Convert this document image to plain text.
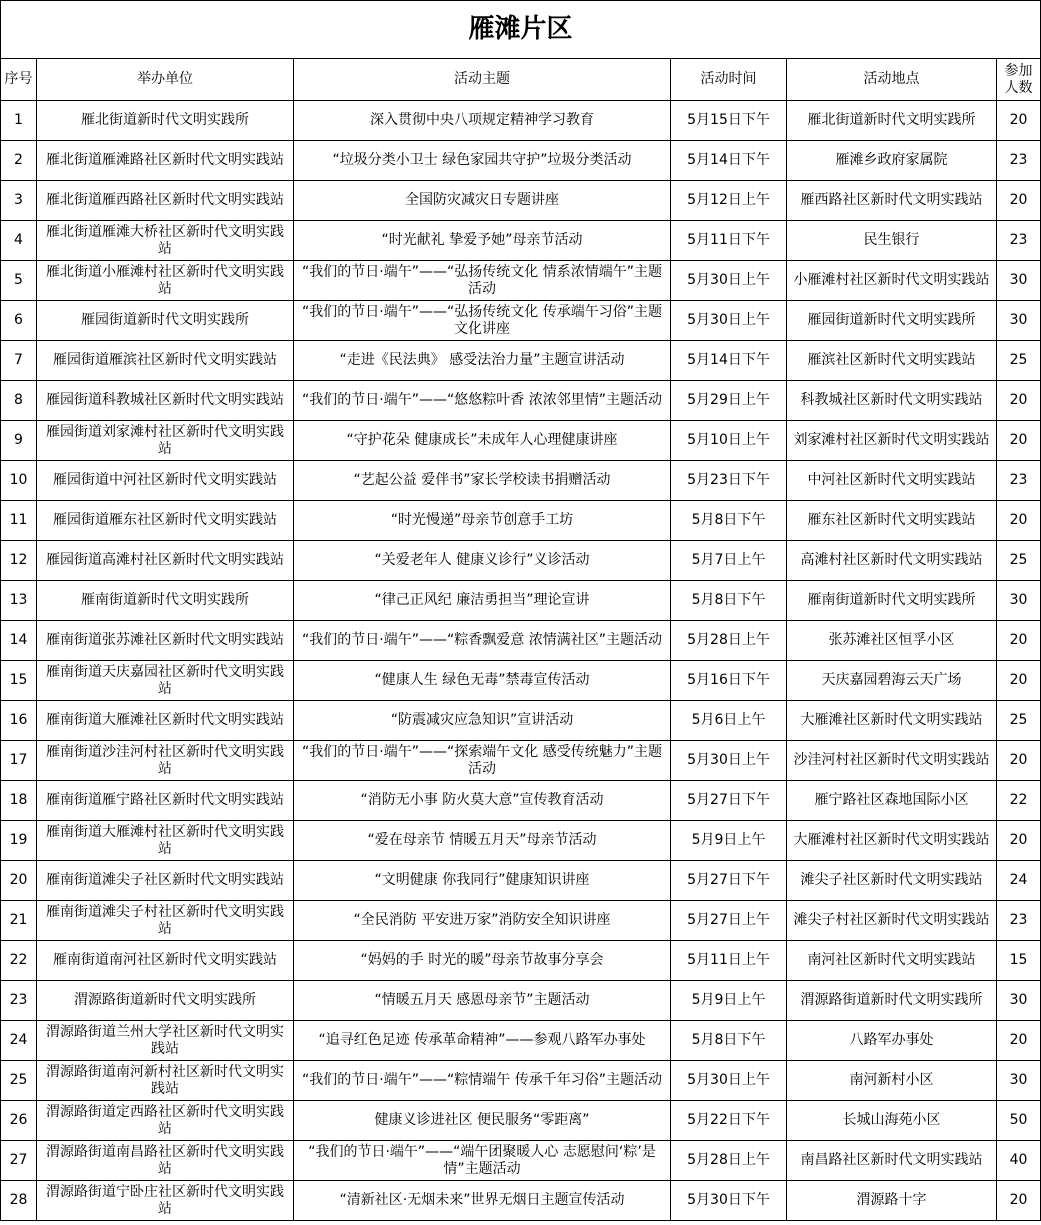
雁滩片区					
序号	举办单位	活动主题	活动时间	活动地点	参加人数
1	雁北街道新时代文明实践所	深入贯彻中央八项规定精神学习教育	5月15日下午	雁北街道新时代文明实践所	20
2	雁北街道雁滩路社区新时代文明实践站	“垃圾分类小卫士 绿色家园共守护”垃圾分类活动	5月14日下午	雁滩乡政府家属院	23
3	雁北街道雁西路社区新时代文明实践站	全国防灾减灾日专题讲座	5月12日上午	雁西路社区新时代文明实践站	20
4	雁北街道雁滩大桥社区新时代文明实践站	“时光献礼 挚爱予她”母亲节活动	5月11日下午	民生银行	23
5	雁北街道小雁滩村社区新时代文明实践站	“我们的节日·端午”——“弘扬传统文化 情系浓情端午”主题活动	5月30日上午	小雁滩村社区新时代文明实践站	30
6	雁园街道新时代文明实践所	“我们的节日·端午”——“弘扬传统文化 传承端午习俗”主题文化讲座	5月30日上午	雁园街道新时代文明实践所	30
7	雁园街道雁滨社区新时代文明实践站	“走进《民法典》 感受法治力量”主题宣讲活动	5月14日下午	雁滨社区新时代文明实践站	25
8	雁园街道科教城社区新时代文明实践站	“我们的节日·端午”——“悠悠粽叶香 浓浓邻里情”主题活动	5月29日上午	科教城社区新时代文明实践站	20
9	雁园街道刘家滩村社区新时代文明实践站	“守护花朵 健康成长”未成年人心理健康讲座	5月10日上午	刘家滩村社区新时代文明实践站	20
10	雁园街道中河社区新时代文明实践站	“艺起公益 爱伴书”家长学校读书捐赠活动	5月23日下午	中河社区新时代文明实践站	23
11	雁园街道雁东社区新时代文明实践站	“时光慢递”母亲节创意手工坊	5月8日下午	雁东社区新时代文明实践站	20
12	雁园街道高滩村社区新时代文明实践站	“关爱老年人 健康义诊行”义诊活动	5月7日上午	高滩村社区新时代文明实践站	25
13	雁南街道新时代文明实践所	“律己正风纪 廉洁勇担当”理论宣讲	5月8日下午	雁南街道新时代文明实践所	30
14	雁南街道张苏滩社区新时代文明实践站	“我们的节日·端午”——“粽香飘爱意 浓情满社区”主题活动	5月28日上午	张苏滩社区恒孚小区	20
15	雁南街道天庆嘉园社区新时代文明实践站	“健康人生 绿色无毒”禁毒宣传活动	5月16日下午	天庆嘉园碧海云天广场	20
16	雁南街道大雁滩社区新时代文明实践站	“防震减灾应急知识”宣讲活动	5月6日上午	大雁滩社区新时代文明实践站	25
17	雁南街道沙洼河村社区新时代文明实践站	“我们的节日·端午”——“探索端午文化 感受传统魅力”主题活动	5月30日上午	沙洼河村社区新时代文明实践站	20
18	雁南街道雁宁路社区新时代文明实践站	“消防无小事 防火莫大意”宣传教育活动	5月27日下午	雁宁路社区森地国际小区	22
19	雁南街道大雁滩村社区新时代文明实践站	“爱在母亲节 情暖五月天”母亲节活动	5月9日上午	大雁滩村社区新时代文明实践站	20
20	雁南街道滩尖子社区新时代文明实践站	“文明健康 你我同行”健康知识讲座	5月27日下午	滩尖子社区新时代文明实践站	24
21	雁南街道滩尖子村社区新时代文明实践站	“全民消防 平安进万家”消防安全知识讲座	5月27日上午	滩尖子村社区新时代文明实践站	23
22	雁南街道南河社区新时代文明实践站	“妈妈的手 时光的暖”母亲节故事分享会	5月11日上午	南河社区新时代文明实践站	15
23	渭源路街道新时代文明实践所	“情暖五月天 感恩母亲节”主题活动	5月9日上午	渭源路街道新时代文明实践所	30
24	渭源路街道兰州大学社区新时代文明实践站	“追寻红色足迹 传承革命精神”——参观八路军办事处	5月8日下午	八路军办事处	20
25	渭源路街道南河新村社区新时代文明实践站	“我们的节日·端午”——“粽情端午 传承千年习俗”主题活动	5月30日上午	南河新村小区	30
26	渭源路街道定西路社区新时代文明实践站	健康义诊进社区 便民服务“零距离”	5月22日下午	长城山海苑小区	50
27	渭源路街道南昌路社区新时代文明实践站	“我们的节日·端午”——“端午团聚暖人心 志愿慰问‘粽’是情”主题活动	5月28日上午	南昌路社区新时代文明实践站	40
28	渭源路街道宁卧庄社区新时代文明实践站	“清新社区·无烟未来”世界无烟日主题宣传活动	5月30日下午	渭源路十字	20
